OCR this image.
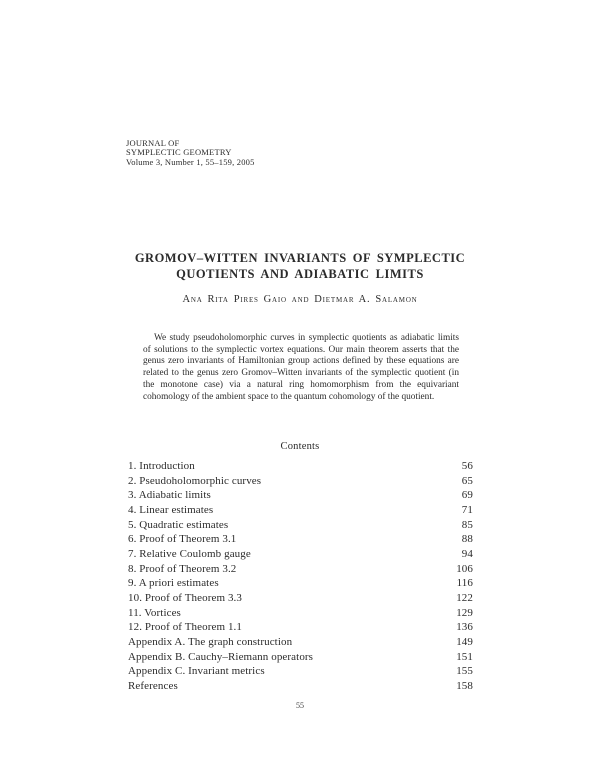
JOURNAL OF
SYMPLECTIC GEOMETRY
Volume 3, Number 1, 55–159, 2005
GROMOV–WITTEN INVARIANTS OF SYMPLECTIC
QUOTIENTS AND ADIABATIC LIMITS
Ana Rita Pires Gaio and Dietmar A. Salamon

We study pseudoholomorphic curves in symplectic quotients as adiabatic limits of solutions to the symplectic vortex equations. Our main theorem asserts that the genus zero invariants of Hamiltonian group actions defined by these equations are related to the genus zero Gromov–Witten invariants of the symplectic quotient (in the monotone case) via a natural ring homomorphism from the equivariant cohomology of the ambient space to the quantum cohomology of the quotient.

Contents
1. Introduction	56
2. Pseudoholomorphic curves	65
3. Adiabatic limits	69
4. Linear estimates	71
5. Quadratic estimates	85
6. Proof of Theorem 3.1	88
7. Relative Coulomb gauge	94
8. Proof of Theorem 3.2	106
9. A priori estimates	116
10. Proof of Theorem 3.3	122
11. Vortices	129
12. Proof of Theorem 1.1	136
Appendix A. The graph construction	149
Appendix B. Cauchy–Riemann operators	151
Appendix C. Invariant metrics	155
References	158
55
